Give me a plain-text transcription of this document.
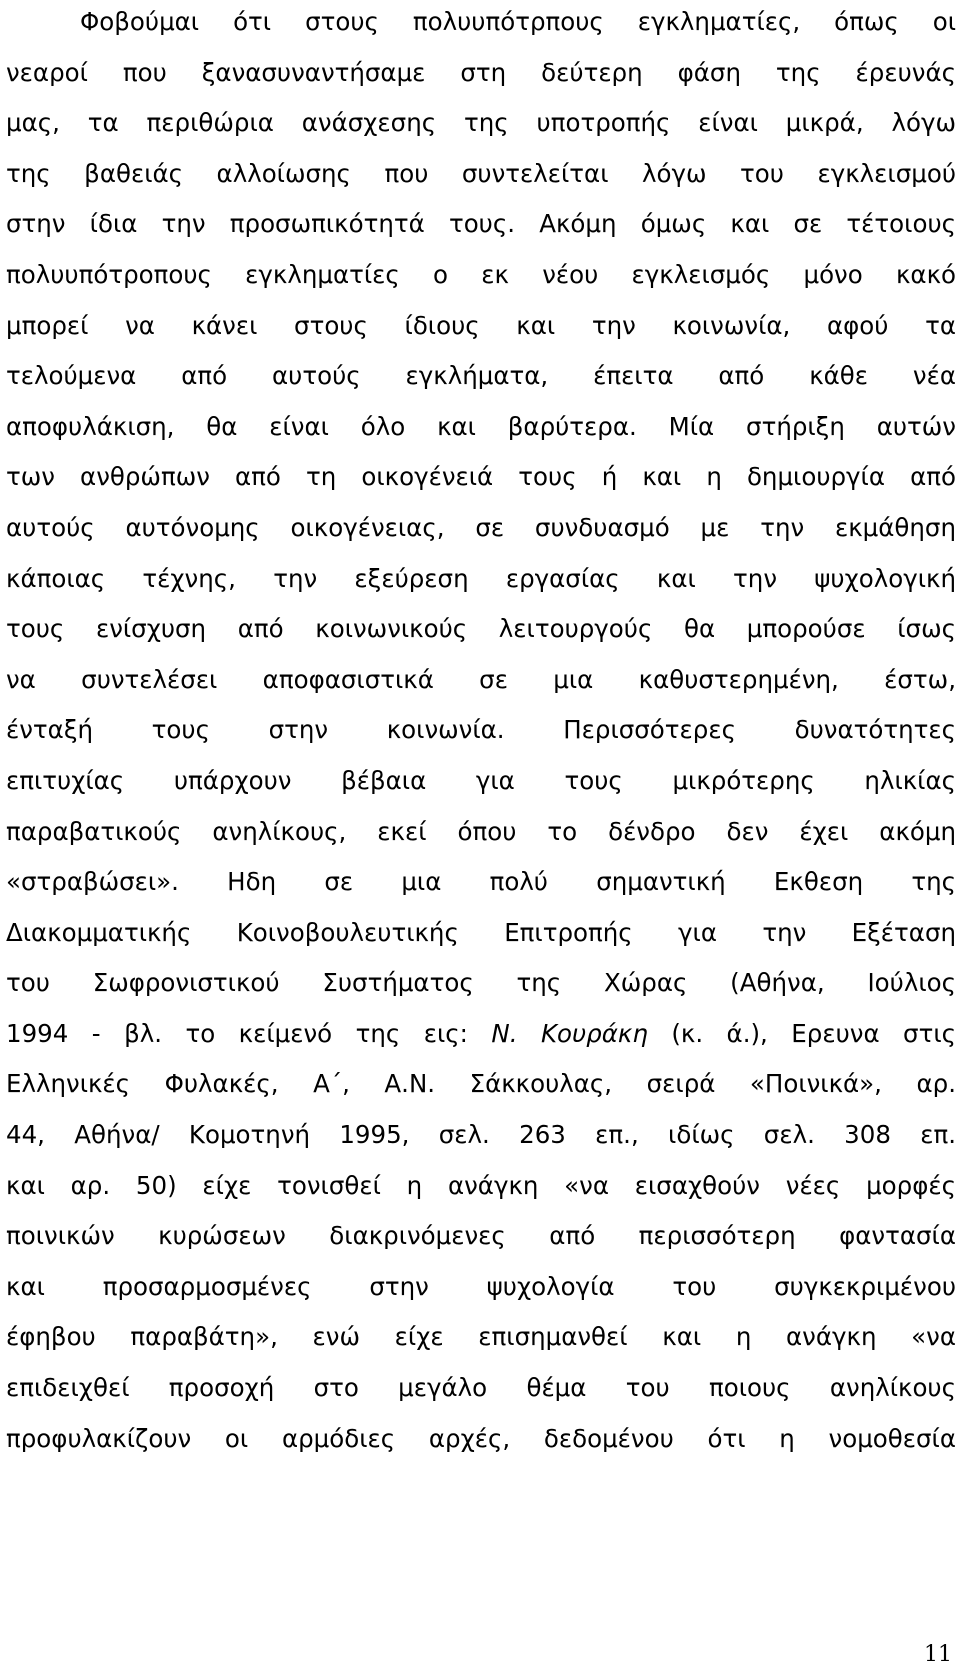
Φοβούμαι ότι στους πολυυπότρπους εγκληματίες, όπως οι
νεαροί που ξανασυναντήσαμε στη δεύτερη φάση της έρευνάς
μας, τα περιθώρια ανάσχεσης της υποτροπής είναι μικρά, λόγω
της βαθειάς αλλοίωσης που συντελείται λόγω του εγκλεισμού
στην ίδια την προσωπικότητά τους. Ακόμη όμως και σε τέτοιους
πολυυπότροπους εγκληματίες ο εκ νέου εγκλεισμός μόνο κακό
μπορεί να κάνει στους ίδιους και την κοινωνία, αφού τα
τελούμενα από αυτούς εγκλήματα, έπειτα από κάθε νέα
αποφυλάκιση, θα είναι όλο και βαρύτερα. Μία στήριξη αυτών
των ανθρώπων από τη οικογένειά τους ή και η δημιουργία από
αυτούς αυτόνομης οικογένειας, σε συνδυασμό με την εκμάθηση
κάποιας τέχνης, την εξεύρεση εργασίας και την ψυχολογική
τους ενίσχυση από κοινωνικούς λειτουργούς θα μπορούσε ίσως
να συντελέσει αποφασιστικά σε μια καθυστερημένη, έστω,
ένταξή τους στην κοινωνία. Περισσότερες δυνατότητες
επιτυχίας υπάρχουν βέβαια για τους μικρότερης ηλικίας
παραβατικούς ανηλίκους, εκεί όπου το δένδρο δεν έχει ακόμη
«στραβώσει». Ηδη σε μια πολύ σημαντική Εκθεση της
Διακομματικής Κοινοβουλευτικής Επιτροπής για την Εξέταση
του Σωφρονιστικού Συστήματος της Χώρας (Αθήνα, Ιούλιος
1994 - βλ. το κείμενό της εις: Ν. Κουράκη (κ. ά.), Ερευνα στις
Ελληνικές Φυλακές, Α΄, Α.Ν. Σάκκουλας, σειρά «Ποινικά», αρ.
44, Αθήνα/ Κομοτηνή 1995, σελ. 263 επ., ιδίως σελ. 308 επ.
και αρ. 50) είχε τονισθεί η ανάγκη «να εισαχθούν νέες μορφές
ποινικών κυρώσεων διακρινόμενες από περισσότερη φαντασία
και προσαρμοσμένες στην ψυχολογία του συγκεκριμένου
έφηβου παραβάτη», ενώ είχε επισημανθεί και η ανάγκη «να
επιδειχθεί προσοχή στο μεγάλο θέμα του ποιους ανηλίκους
προφυλακίζουν οι αρμόδιες αρχές, δεδομένου ότι η νομοθεσία
11
